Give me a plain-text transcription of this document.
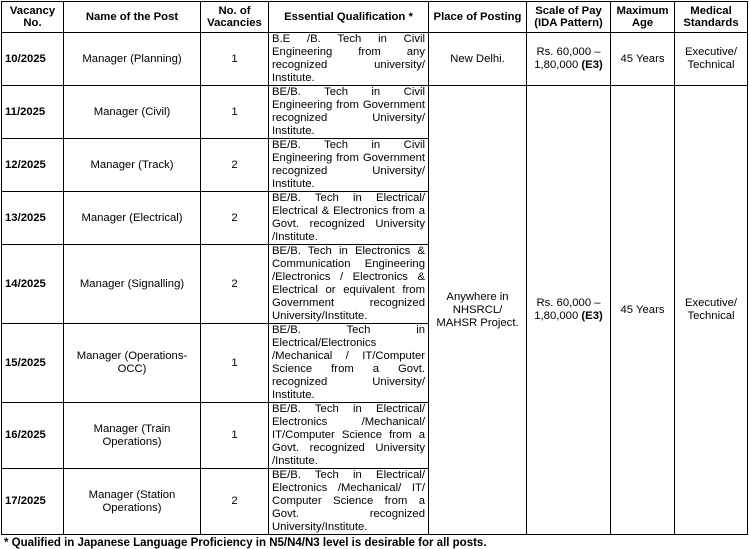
Vacancy No.	Name of the Post	No. of Vacancies	Essential Qualification *	Place of Posting	Scale of Pay (IDA Pattern)	Maximum Age	Medical Standards
10/2025	Manager (Planning)	1	B.E /B. Tech in Civil Engineering from any recognized university/ Institute.	New Delhi.	Rs. 60,000 – 1,80,000 (E3)	45 Years	Executive/ Technical
11/2025	Manager (Civil)	1	BE/B. Tech in Civil Engineering from Government recognized University/ Institute.	Anywhere in NHSRCL/ MAHSR Project.	Rs. 60,000 – 1,80,000 (E3)	45 Years	Executive/ Technical
12/2025	Manager (Track)	2	BE/B. Tech in Civil Engineering from Government recognized University/ Institute.				
13/2025	Manager (Electrical)	2	BE/B. Tech in Electrical/ Electrical & Electronics from a Govt. recognized University /Institute.				
14/2025	Manager (Signalling)	2	BE/B. Tech in Electronics & Communication Engineering /Electronics / Electronics & Electrical or equivalent from Government recognized University/Institute.				
15/2025	Manager (Operations-OCC)	1	BE/B. Tech in Electrical/Electronics /Mechanical / IT/Computer Science from a Govt. recognized University/ Institute.				
16/2025	Manager (Train Operations)	1	BE/B. Tech in Electrical/ Electronics /Mechanical/ IT/Computer Science from a Govt. recognized University /Institute.				
17/2025	Manager (Station Operations)	2	BE/B. Tech in Electrical/ Electronics /Mechanical/ IT/ Computer Science from a Govt. recognized University/Institute.				
* Qualified in Japanese Language Proficiency in N5/N4/N3 level is desirable for all posts.
